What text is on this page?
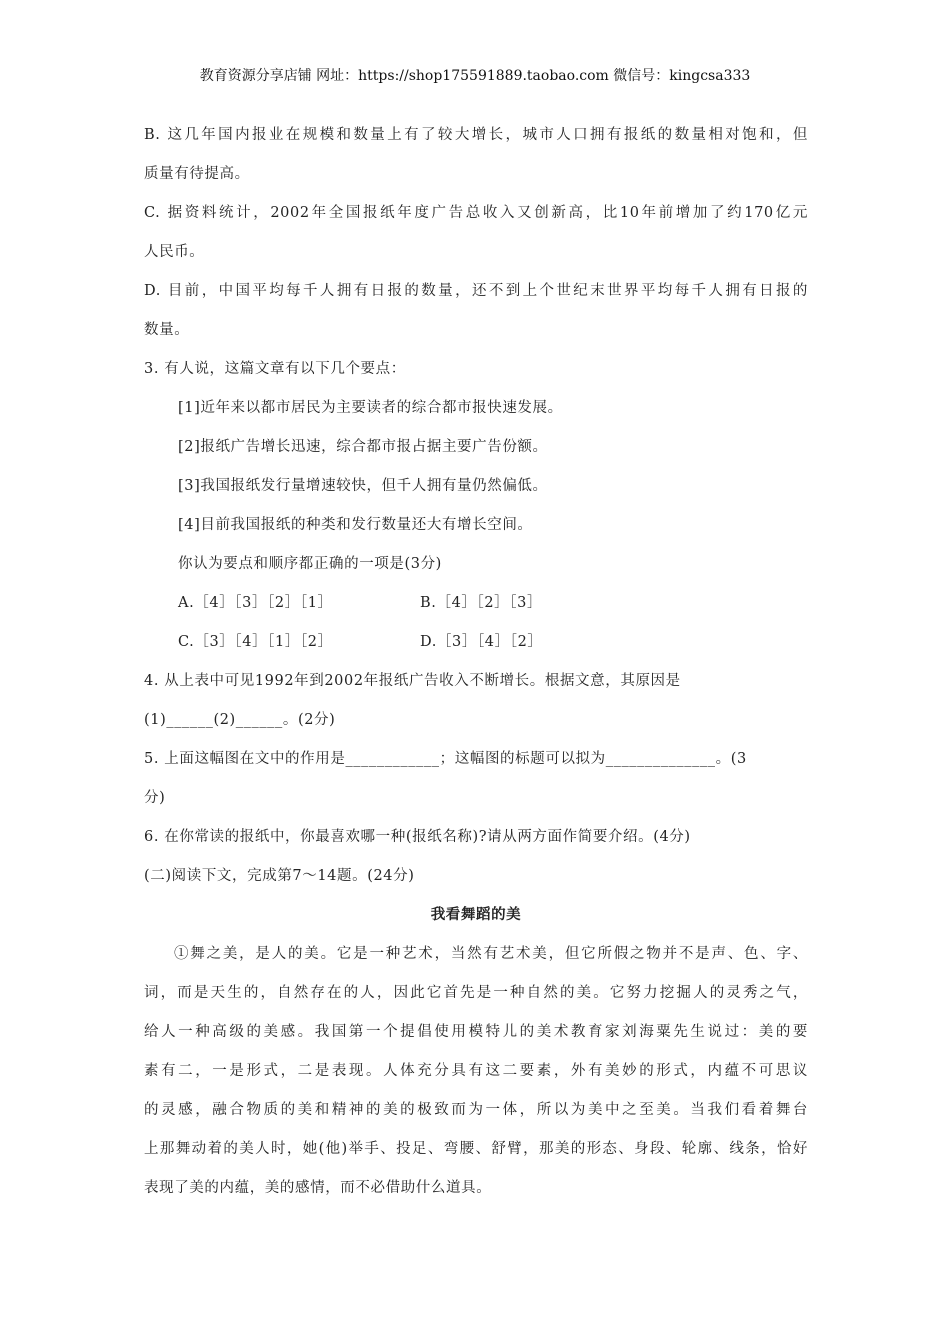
教育资源分享店铺 网址：https://shop175591889.taobao.com 微信号：kingcsa333
B. 这几年国内报业在规模和数量上有了较大增长，城市人口拥有报纸的数量相对饱和，但
质量有待提高。
C. 据资料统计，2002年全国报纸年度广告总收入又创新高，比10年前增加了约170亿元
人民币。
D. 目前，中国平均每千人拥有日报的数量，还不到上个世纪末世界平均每千人拥有日报的
数量。
3. 有人说，这篇文章有以下几个要点：
[1]近年来以都市居民为主要读者的综合都市报快速发展。
[2]报纸广告增长迅速，综合都市报占据主要广告份额。
[3]我国报纸发行量增速较快，但千人拥有量仍然偏低。
[4]目前我国报纸的种类和发行数量还大有增长空间。
你认为要点和顺序都正确的一项是(3分)
A.［4］［3］［2］［1］	B.［4］［2］［3］
C.［3］［4］［1］［2］	D.［3］［4］［2］
4. 从上表中可见1992年到2002年报纸广告收入不断增长。根据文意，其原因是
(1)______(2)______。(2分)
5. 上面这幅图在文中的作用是____________；这幅图的标题可以拟为______________。(3
分)
6. 在你常读的报纸中，你最喜欢哪一种(报纸名称)?请从两方面作简要介绍。(4分)
(二)阅读下文，完成第7～14题。(24分)
我看舞蹈的美
①舞之美，是人的美。它是一种艺术，当然有艺术美，但它所假之物并不是声、色、字、
词，而是天生的，自然存在的人，因此它首先是一种自然的美。它努力挖掘人的灵秀之气，
给人一种高级的美感。我国第一个提倡使用模特儿的美术教育家刘海粟先生说过：美的要
素有二，一是形式，二是表现。人体充分具有这二要素，外有美妙的形式，内蕴不可思议
的灵感，融合物质的美和精神的美的极致而为一体，所以为美中之至美。当我们看着舞台
上那舞动着的美人时，她(他)举手、投足、弯腰、舒臂，那美的形态、身段、轮廓、线条，恰好
表现了美的内蕴，美的感情，而不必借助什么道具。
